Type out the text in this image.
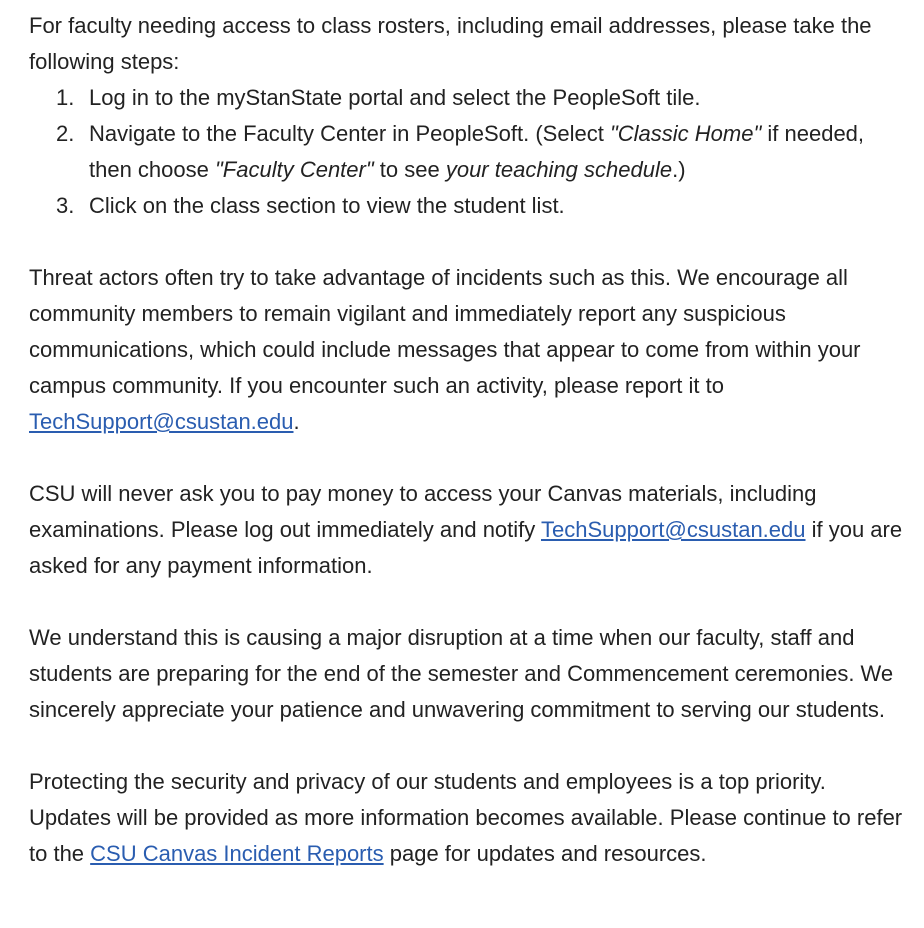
For faculty needing access to class rosters, including email addresses, please take the following steps:

1. Log in to the myStanState portal and select the PeopleSoft tile.
2. Navigate to the Faculty Center in PeopleSoft. (Select "Classic Home" if needed, then choose "Faculty Center" to see your teaching schedule.)
3. Click on the class section to view the student list.

Threat actors often try to take advantage of incidents such as this. We encourage all community members to remain vigilant and immediately report any suspicious communications, which could include messages that appear to come from within your campus community. If you encounter such an activity, please report it to TechSupport@csustan.edu.

CSU will never ask you to pay money to access your Canvas materials, including examinations. Please log out immediately and notify TechSupport@csustan.edu if you are asked for any payment information.

We understand this is causing a major disruption at a time when our faculty, staff and students are preparing for the end of the semester and Commencement ceremonies. We sincerely appreciate your patience and unwavering commitment to serving our students.

Protecting the security and privacy of our students and employees is a top priority. Updates will be provided as more information becomes available. Please continue to refer to the CSU Canvas Incident Reports page for updates and resources.
